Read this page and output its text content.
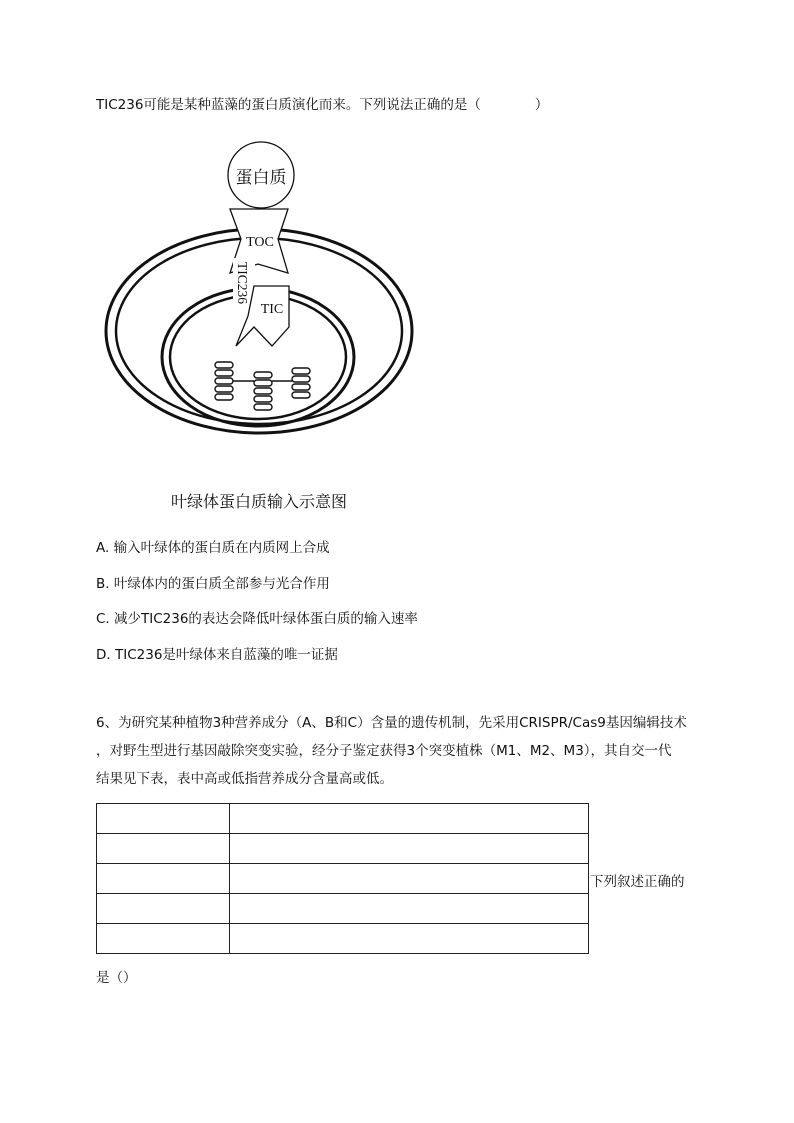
TIC236可能是某种蓝藻的蛋白质演化而来。下列说法正确的是（　　　　）
蛋白质
TOC
TIC236
TIC
叶绿体蛋白质输入示意图
A. 输入叶绿体的蛋白质在内质网上合成
B. 叶绿体内的蛋白质全部参与光合作用
C. 减少TIC236的表达会降低叶绿体蛋白质的输入速率
D. TIC236是叶绿体来自蓝藻的唯一证据
6、为研究某种植物3种营养成分（A、B和C）含量的遗传机制，先采用CRISPR/Cas9基因编辑技术
，对野生型进行基因敲除突变实验，经分子鉴定获得3个突变植株（M1、M2、M3），其自交一代
结果见下表，表中高或低指营养成分含量高或低。

下列叙述正确的
是（）
